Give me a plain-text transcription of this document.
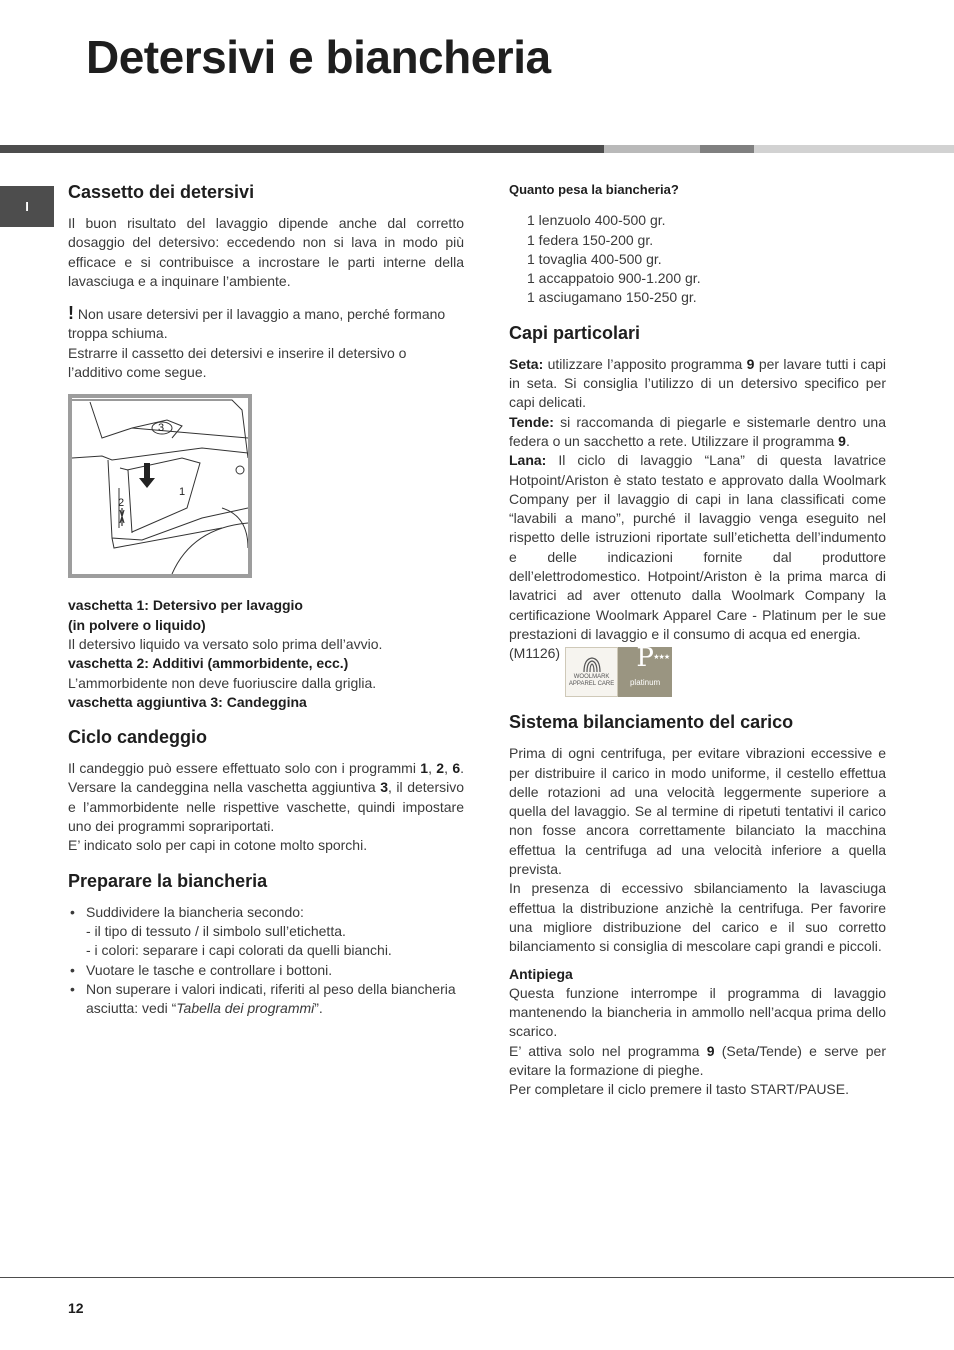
Detersivi e biancheria
I
Cassetto dei detersivi

Il buon risultato del lavaggio dipende anche dal corretto dosaggio del detersivo: eccedendo non si lava in modo più efficace e si contribuisce a incrostare le parti interne della lavasciuga e a inquinare l’ambiente.

! Non usare detersivi per il lavaggio a mano, perché formano troppa schiuma.

Estrarre il cassetto dei detersivi e inserire il detersivo o l’additivo come segue.

3
2
1

vaschetta 1: Detersivo per lavaggio

(in polvere o liquido)

Il detersivo liquido va versato solo prima dell’avvio.

vaschetta 2: Additivi (ammorbidente, ecc.)

L’ammorbidente non deve fuoriuscire dalla griglia.

vaschetta aggiuntiva 3: Candeggina

Ciclo candeggio

Il candeggio può essere effettuato solo con i programmi 1, 2, 6. Versare la candeggina nella vaschetta aggiuntiva 3, il detersivo e l’ammorbidente nelle rispettive vaschette, quindi impostare uno dei programmi soprariportati.

E’ indicato solo per capi in cotone molto sporchi.

Preparare la biancheria
• Suddividere la biancheria secondo:
- il tipo di tessuto / il simbolo sull’etichetta.
- i colori: separare i capi colorati da quelli bianchi.
• Vuotare le tasche e controllare i bottoni.
• Non superare i valori indicati, riferiti al peso della biancheria asciutta: vedi “Tabella dei programmi”.
Quanto pesa la biancheria?

1 lenzuolo 400-500 gr.

1 federa 150-200 gr.

1 tovaglia 400-500 gr.

1 accappatoio 900-1.200 gr.

1 asciugamano 150-250 gr.

Capi particolari

Seta: utilizzare l’apposito programma 9 per lavare tutti i capi in seta. Si consiglia l’utilizzo di un detersivo specifico per capi delicati.

Tende: si raccomanda di piegarle e sistemarle dentro una federa o un sacchetto a rete. Utilizzare il programma 9.

Lana: Il ciclo di lavaggio “Lana” di questa lavatrice Hotpoint/Ariston è stato testato e approvato dalla Woolmark Company per il lavaggio di capi in lana classificati come “lavabili a mano”, purché il lavaggio venga eseguito nel rispetto delle istruzioni riportate sull’etichetta dell’indumento e delle indicazioni fornite dal produttore dell’elettrodomestico. Hotpoint/Ariston è la prima marca di lavatrici ad aver ottenuto dalla Woolmark Company la certificazione Woolmark Apparel Care - Platinum per le sue prestazioni di lavaggio e il consumo di acqua ed energia.

(M1126)
WOOLMARK
APPAREL CARE
★★★
P
platinum
Sistema bilanciamento del carico

Prima di ogni centrifuga, per evitare vibrazioni eccessive e per distribuire il carico in modo uniforme, il cestello effettua delle rotazioni ad una velocità leggermente superiore a quella del lavaggio. Se al termine di ripetuti tentativi il carico non fosse ancora correttamente bilanciato la macchina effettua la centrifuga ad una velocità inferiore a quella prevista.

In presenza di eccessivo sbilanciamento la lavasciuga effettua la distribuzione anzichè la centrifuga. Per favorire una migliore distribuzione del carico e il suo corretto bilanciamento si consiglia di mescolare capi grandi e piccoli.

Antipiega

Questa funzione interrompe il programma di lavaggio mantenendo la biancheria in ammollo nell’acqua prima dello scarico.

E’ attiva solo nel programma 9 (Seta/Tende) e serve per evitare la formazione di pieghe.

Per completare il ciclo premere il tasto START/PAUSE.

12
